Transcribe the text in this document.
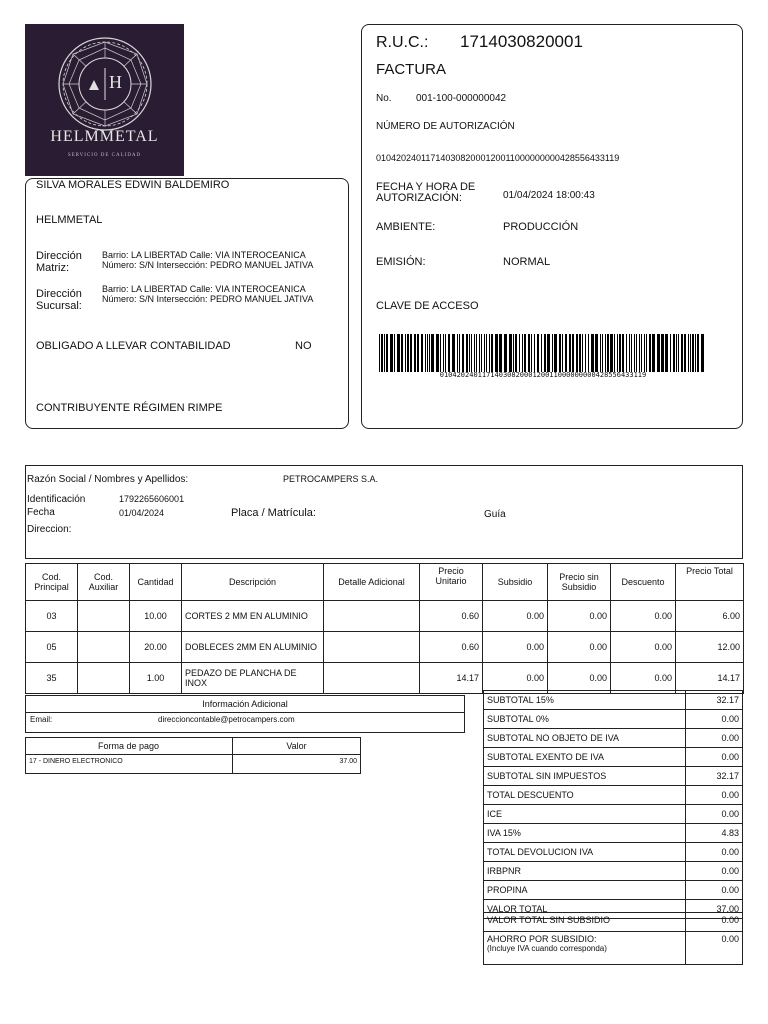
H
HELMMETAL
SERVICIO DE CALIDAD
SILVA MORALES EDWIN BALDEMIRO
HELMMETAL
Dirección Matriz:
Barrio: LA LIBERTAD Calle: VIA INTEROCEANICA
Número: S/N Intersección: PEDRO MANUEL JATIVA
Dirección Sucursal:
Barrio: LA LIBERTAD Calle: VIA INTEROCEANICA
Número: S/N Intersección: PEDRO MANUEL JATIVA
OBLIGADO A LLEVAR CONTABILIDAD	NO
CONTRIBUYENTE RÉGIMEN RIMPE
R.U.C.: 1714030820001
FACTURA
No. 001-100-000000042
NÚMERO DE AUTORIZACIÓN
0104202401171403082000120011000000000428556433119
FECHA Y HORA DE
AUTORIZACIÓN:	01/04/2024 18:00:43
AMBIENTE:	PRODUCCIÓN
EMISIÓN:	NORMAL
CLAVE DE ACCESO
0104202401171403082000120011000000000428556433119
Razón Social / Nombres y Apellidos:	PETROCAMPERS S.A.
Identificación	1792265606001
Fecha	01/04/2024	Placa / Matrícula:	Guía
Direccion:
Cod. Principal	Cod. Auxiliar	Cantidad	Descripción	Detalle Adicional	Precio Unitario	Subsidio	Precio sin Subsidio	Descuento	Precio Total
03		10.00	CORTES 2 MM EN ALUMINIO		0.60	0.00	0.00	0.00	6.00
05		20.00	DOBLECES 2MM EN ALUMINIO		0.60	0.00	0.00	0.00	12.00
35		1.00	PEDAZO DE PLANCHA DE INOX		14.17	0.00	0.00	0.00	14.17
Información Adicional
Email:	direccioncontable@petrocampers.com
Forma de pago	Valor
17 - DINERO ELECTRONICO	37.00
SUBTOTAL 15%	32.17
SUBTOTAL 0%	0.00
SUBTOTAL NO OBJETO DE IVA	0.00
SUBTOTAL EXENTO DE IVA	0.00
SUBTOTAL SIN IMPUESTOS	32.17
TOTAL DESCUENTO	0.00
ICE	0.00
IVA 15%	4.83
TOTAL DEVOLUCION IVA	0.00
IRBPNR	0.00
PROPINA	0.00
VALOR TOTAL	37.00
VALOR TOTAL SIN SUBSIDIO	0.00

AHORRO POR SUBSIDIO:
(Incluye IVA cuando corresponda)	0.00
